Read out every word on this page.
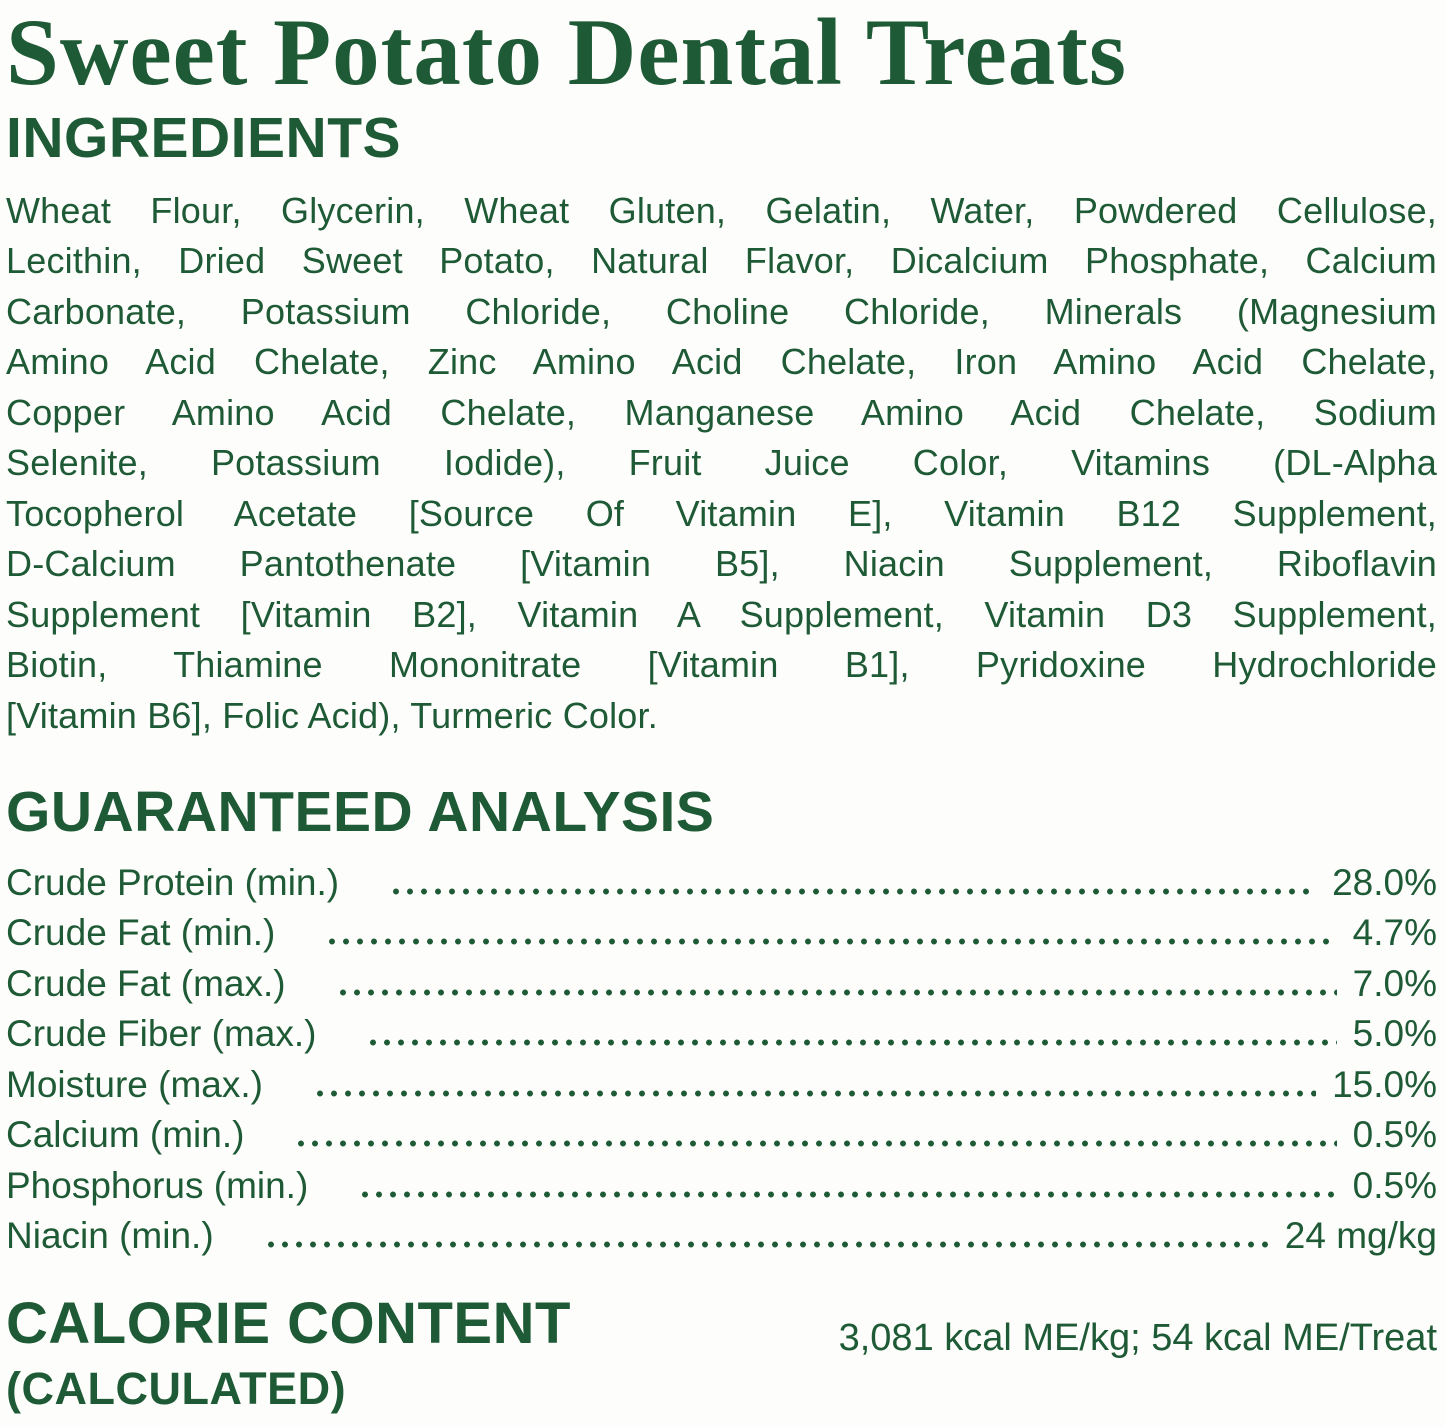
Sweet Potato Dental Treats
INGREDIENTS
Wheat Flour, Glycerin, Wheat Gluten, Gelatin, Water, Powdered Cellulose,
Lecithin, Dried Sweet Potato, Natural Flavor, Dicalcium Phosphate, Calcium
Carbonate, Potassium Chloride, Choline Chloride, Minerals (Magnesium
Amino Acid Chelate, Zinc Amino Acid Chelate, Iron Amino Acid Chelate,
Copper Amino Acid Chelate, Manganese Amino Acid Chelate, Sodium
Selenite, Potassium Iodide), Fruit Juice Color, Vitamins (DL-Alpha
Tocopherol Acetate [Source Of Vitamin E], Vitamin B12 Supplement,
D-Calcium Pantothenate [Vitamin B5], Niacin Supplement, Riboflavin
Supplement [Vitamin B2], Vitamin A Supplement, Vitamin D3 Supplement,
Biotin, Thiamine Mononitrate [Vitamin B1], Pyridoxine Hydrochloride
[Vitamin B6], Folic Acid), Turmeric Color.
GUARANTEED ANALYSIS
Crude Protein (min.)	28.0%
Crude Fat (min.)	4.7%
Crude Fat (max.)	7.0%
Crude Fiber (max.)	5.0%
Moisture (max.)	15.0%
Calcium (min.)	0.5%
Phosphorus (min.)	0.5%
Niacin (min.)	24 mg/kg
CALORIE CONTENT
(CALCULATED)
3,081 kcal ME/kg; 54 kcal ME/Treat
